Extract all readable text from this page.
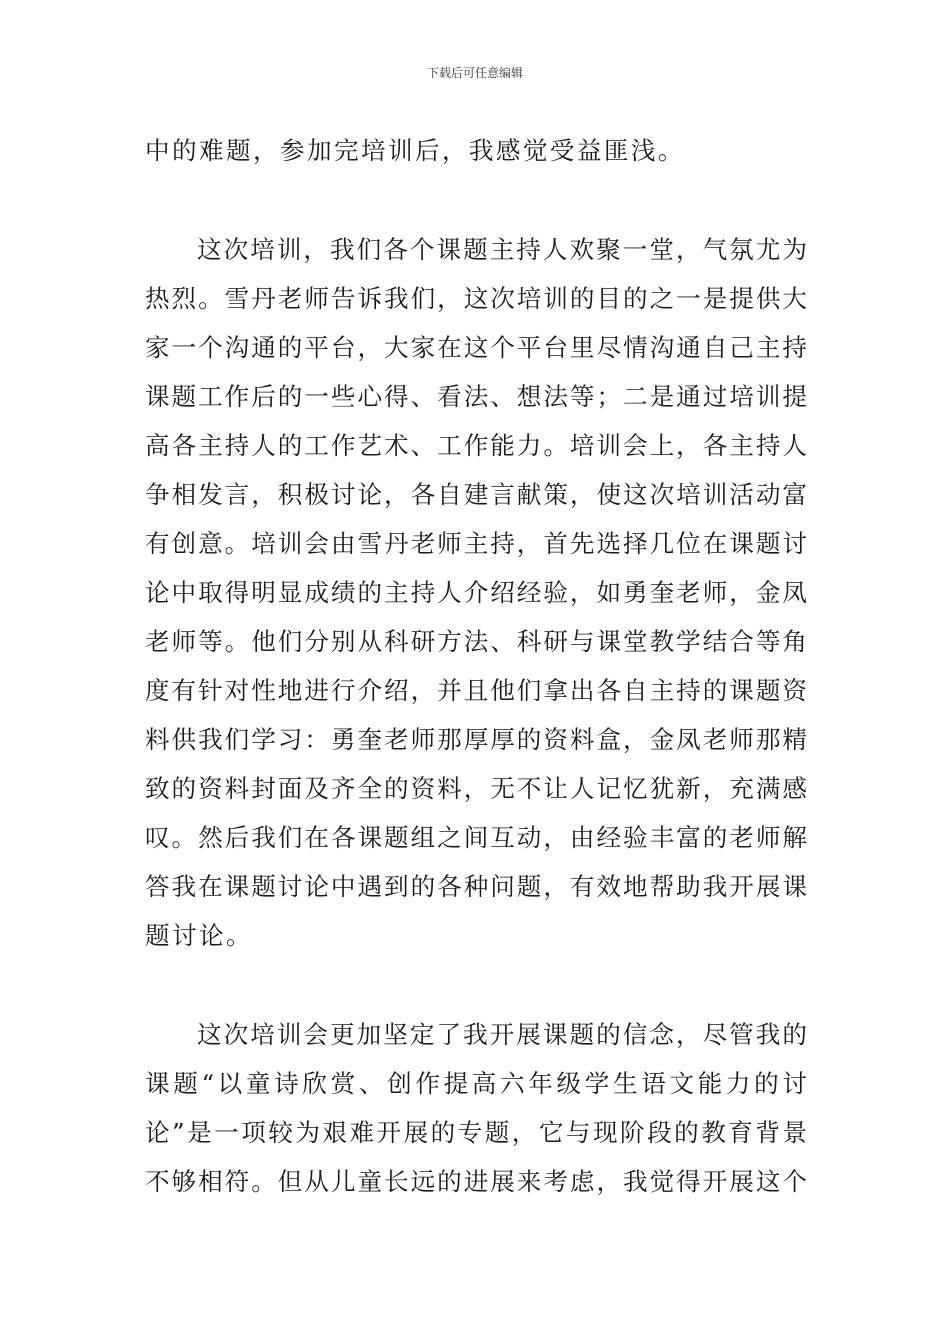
下载后可任意编辑
中的难题，参加完培训后，我感觉受益匪浅。
这次培训，我们各个课题主持人欢聚一堂，气氛尤为
热烈。雪丹老师告诉我们，这次培训的目的之一是提供大
家一个沟通的平台，大家在这个平台里尽情沟通自己主持
课题工作后的一些心得、看法、想法等；二是通过培训提
高各主持人的工作艺术、工作能力。培训会上，各主持人
争相发言，积极讨论，各自建言献策，使这次培训活动富
有创意。培训会由雪丹老师主持，首先选择几位在课题讨
论中取得明显成绩的主持人介绍经验，如勇奎老师，金凤
老师等。他们分别从科研方法、科研与课堂教学结合等角
度有针对性地进行介绍，并且他们拿出各自主持的课题资
料供我们学习：勇奎老师那厚厚的资料盒，金凤老师那精
致的资料封面及齐全的资料，无不让人记忆犹新，充满感
叹。然后我们在各课题组之间互动，由经验丰富的老师解
答我在课题讨论中遇到的各种问题，有效地帮助我开展课
题讨论。
这次培训会更加坚定了我开展课题的信念，尽管我的
课题“以童诗欣赏、创作提高六年级学生语文能力的讨
论”是一项较为艰难开展的专题，它与现阶段的教育背景
不够相符。但从儿童长远的进展来考虑，我觉得开展这个
